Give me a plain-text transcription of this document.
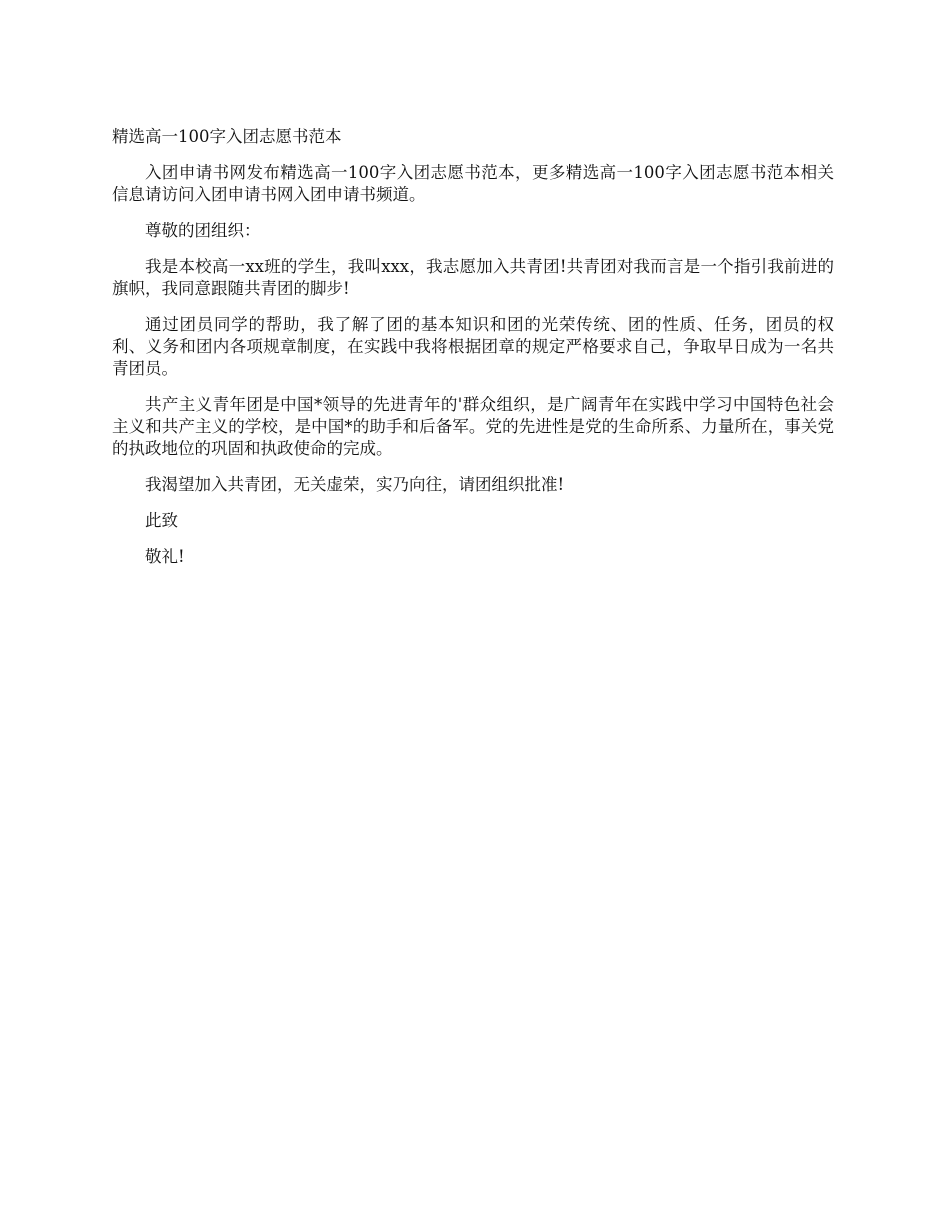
精选高一100字入团志愿书范本

入团申请书网发布精选高一100字入团志愿书范本，更多精选高一100字入团志愿书范本相关信息请访问入团申请书网入团申请书频道。

尊敬的团组织：

我是本校高一xx班的学生，我叫xxx，我志愿加入共青团!共青团对我而言是一个指引我前进的旗帜，我同意跟随共青团的脚步!

通过团员同学的帮助，我了解了团的基本知识和团的光荣传统、团的性质、任务，团员的权利、义务和团内各项规章制度，在实践中我将根据团章的规定严格要求自己，争取早日成为一名共青团员。

共产主义青年团是中国*领导的先进青年的'群众组织，是广阔青年在实践中学习中国特色社会主义和共产主义的学校，是中国*的助手和后备军。党的先进性是党的生命所系、力量所在，事关党的执政地位的巩固和执政使命的完成。

我渴望加入共青团，无关虚荣，实乃向往，请团组织批准!

此致

敬礼!
